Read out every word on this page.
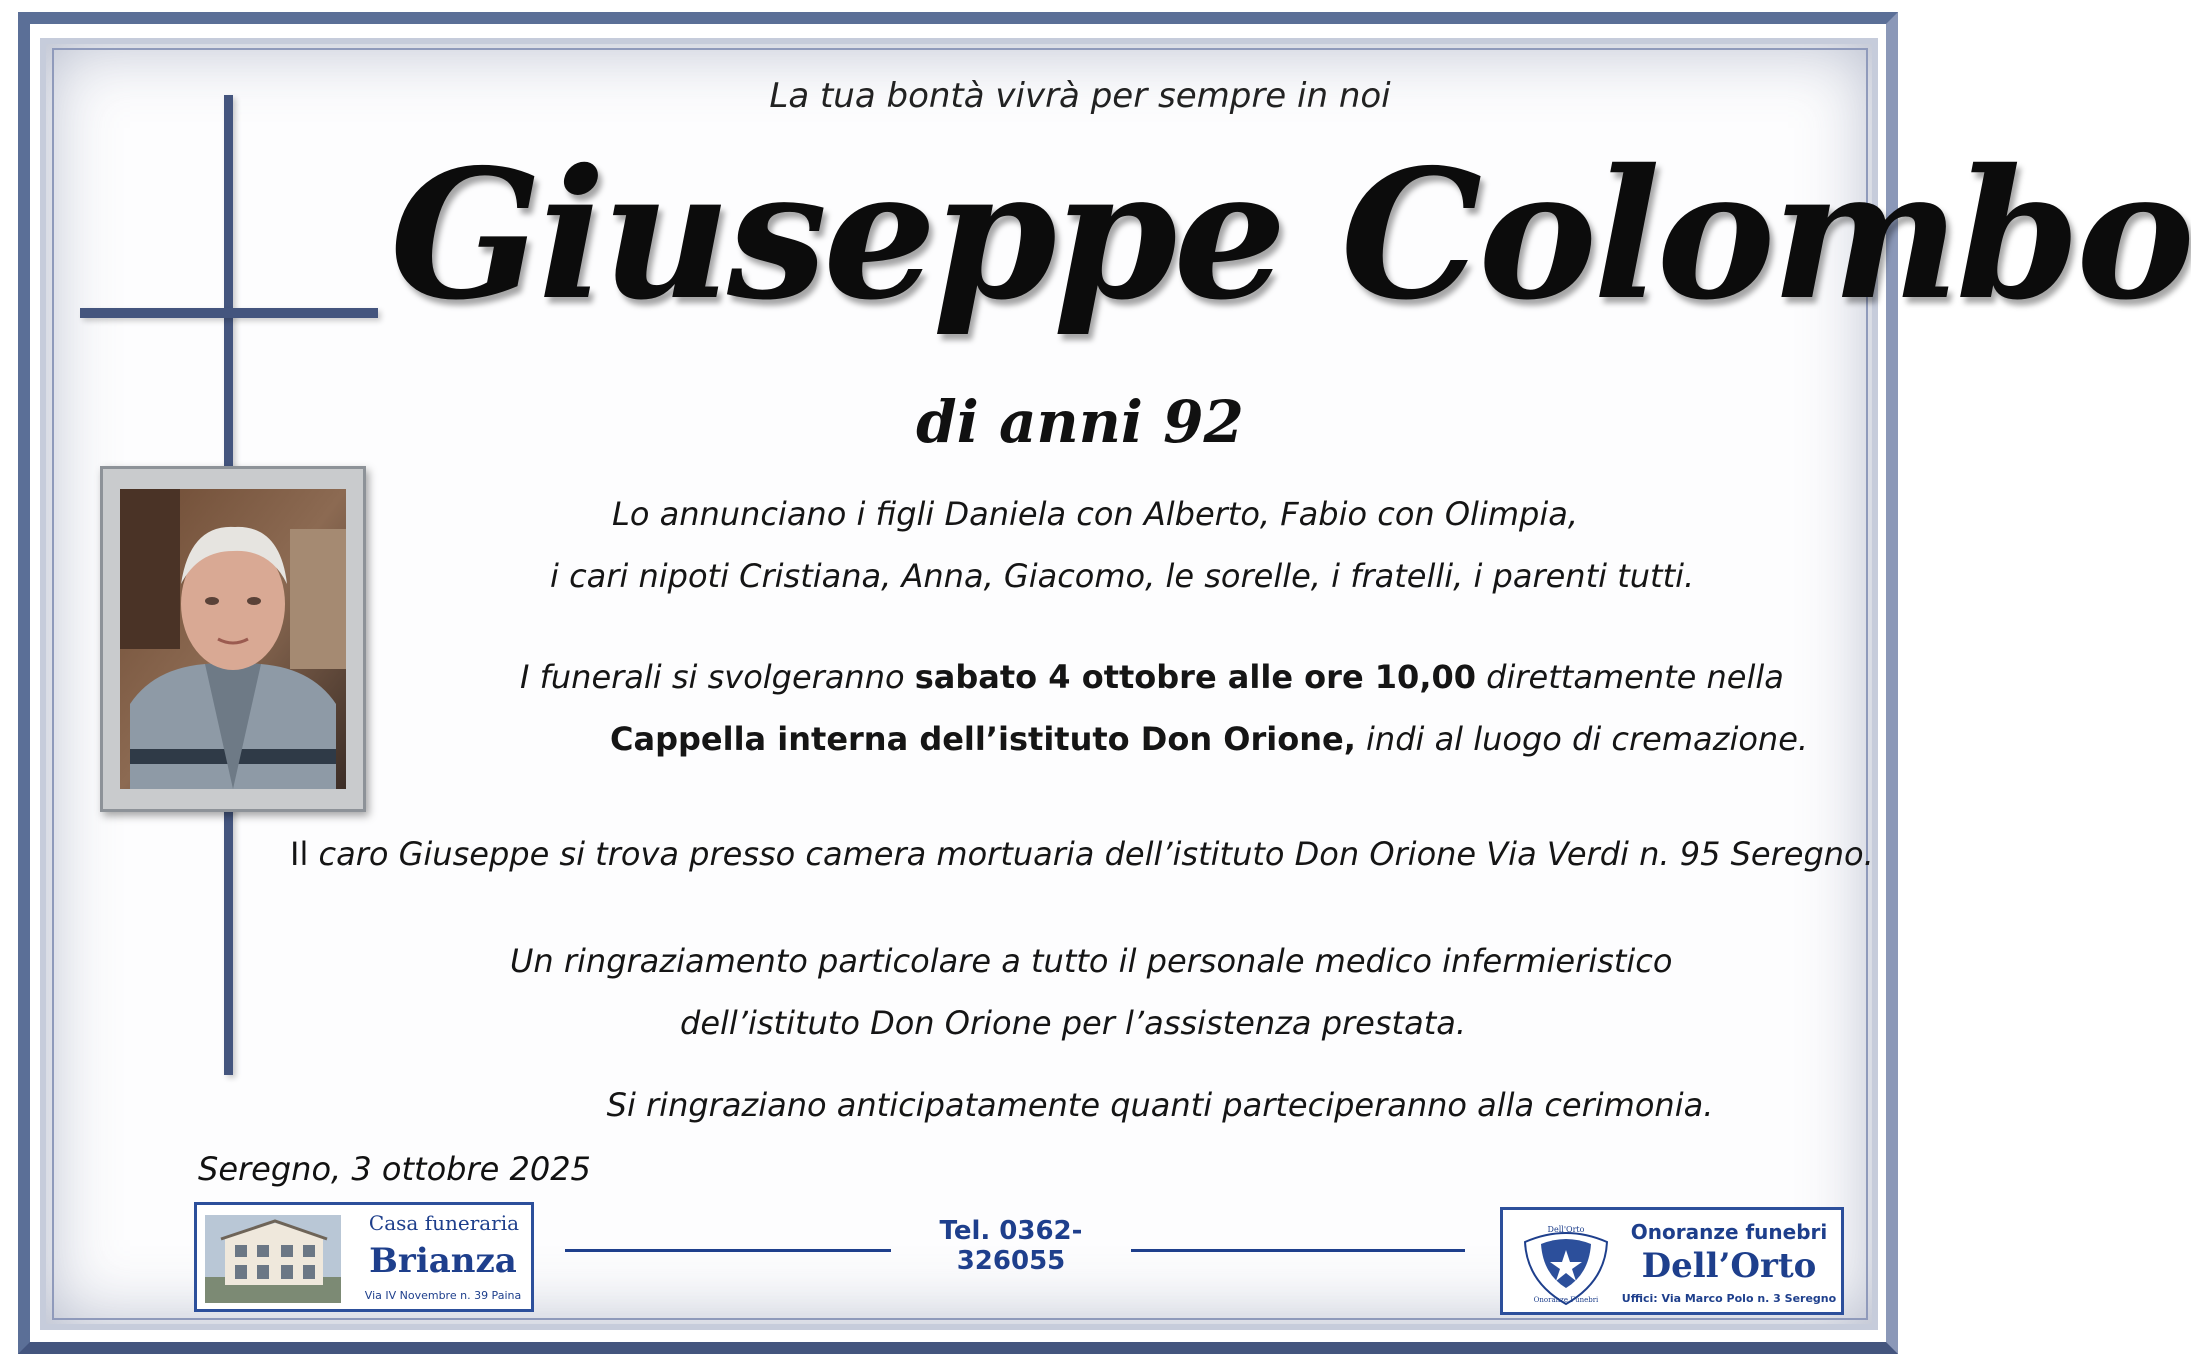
La tua bontà vivrà per sempre in noi
Giuseppe Colombo
di anni 92
Lo annunciano i figli Daniela con Alberto, Fabio con Olimpia,
i cari nipoti Cristiana, Anna, Giacomo, le sorelle, i fratelli, i parenti tutti.
I funerali si svolgeranno sabato 4 ottobre alle ore 10,00 direttamente nella
Cappella interna dell’istituto Don Orione, indi al luogo di cremazione.
Il caro Giuseppe si trova presso camera mortuaria dell’istituto Don Orione Via Verdi n. 95 Seregno.
Un ringraziamento particolare a tutto il personale medico infermieristico
dell’istituto Don Orione per l’assistenza prestata.
Si ringraziano anticipatamente quanti parteciperanno alla cerimonia.
Seregno, 3 ottobre 2025
Casa funeraria
Brianza
Via IV Novembre n. 39 Paina
Tel. 0362-326055
Dell'Orto
Onoranze Funebri
Onoranze funebri
Dell’Orto
Uffici: Via Marco Polo n. 3 Seregno
